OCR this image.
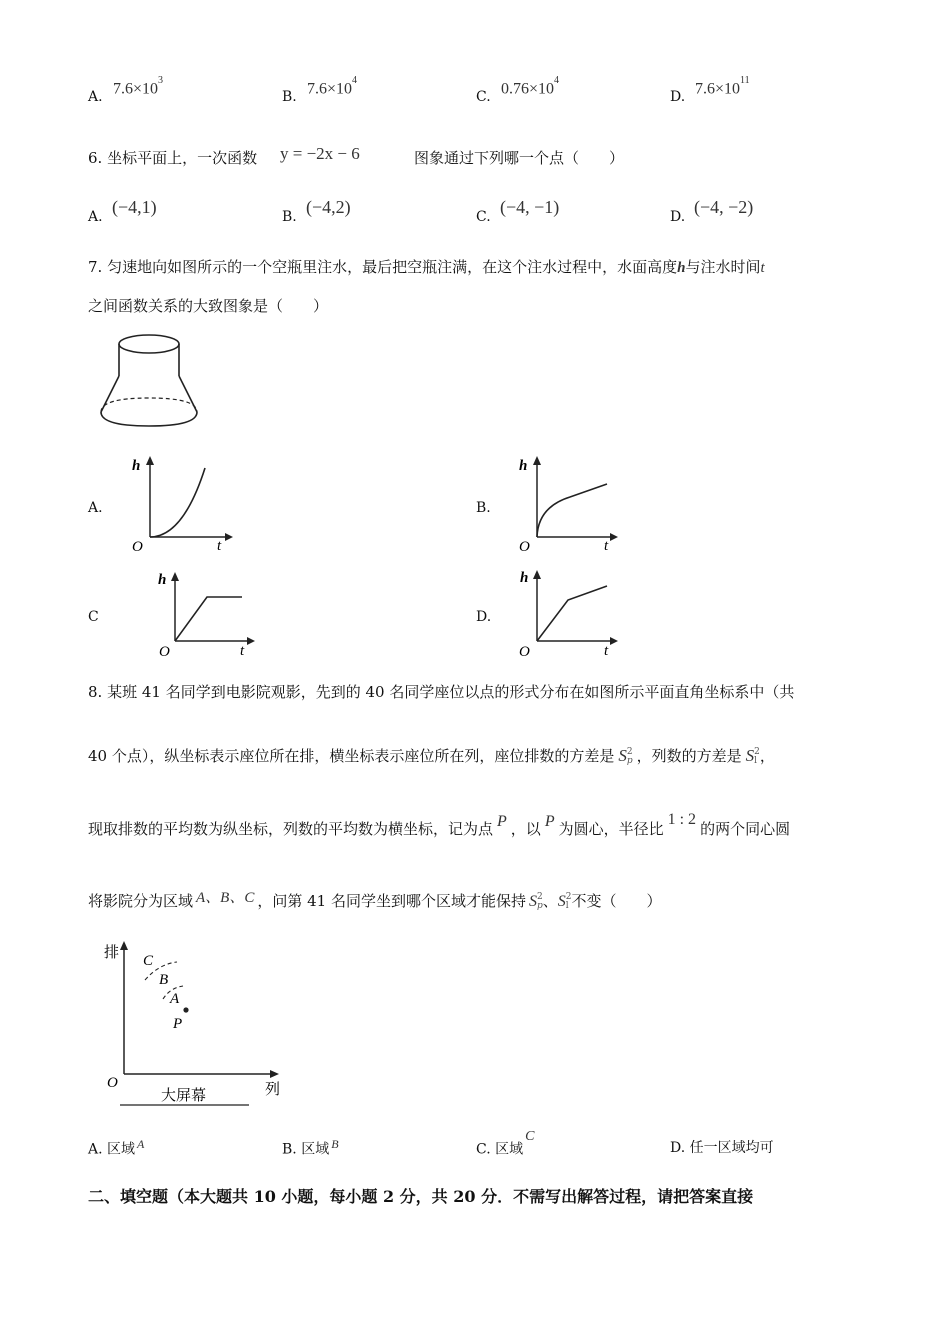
A. $7.6\times 10^3$
B. $7.6\times 10^4$
C. $0.76\times 10^4$
D. $7.6\times 10^{11}$
6. 坐标平面上，一次函数 y = −2x − 6	图象通过下列哪一个点（　　）
A. (−4,1)	B. (−4,2)	C. (−4, −1)	D. (−4, −2)
7. 匀速地向如图所示的一个空瓶里注水，最后把空瓶注满，在这个注水过程中，水面高度h与注水时间t
之间函数关系的大致图象是（　　）
A.	B.
C	D.
h
t
O
h
t
O
h
t
O
h
t
O
8. 某班 41 名同学到电影院观影，先到的 40 名同学座位以点的形式分布在如图所示平面直角坐标系中（共
40 个点），纵坐标表示座位所在排，横坐标表示座位所在列，座位排数的方差是 S 2
p ，列数的方差是 S 2
l ，
现取排数的平均数为纵坐标，列数的平均数为横坐标，记为点 P ，以 P 为圆心，半径比1 : 2的两个同心圆
将影院分为区域 A、B、C ，问第 41 名同学坐到哪个区域才能保持 S 2
p 、S 2
l 不变（　　）
排
列
O
C
B
A
P
大屏幕
A. 区域 $^A$	B. 区域 $^B$	C. 区域$^C$
D. 任一区域均可
二、填空题（本大题共 10 小题，每小题 2 分，共 20 分．不需写出解答过程，请把答案直接
